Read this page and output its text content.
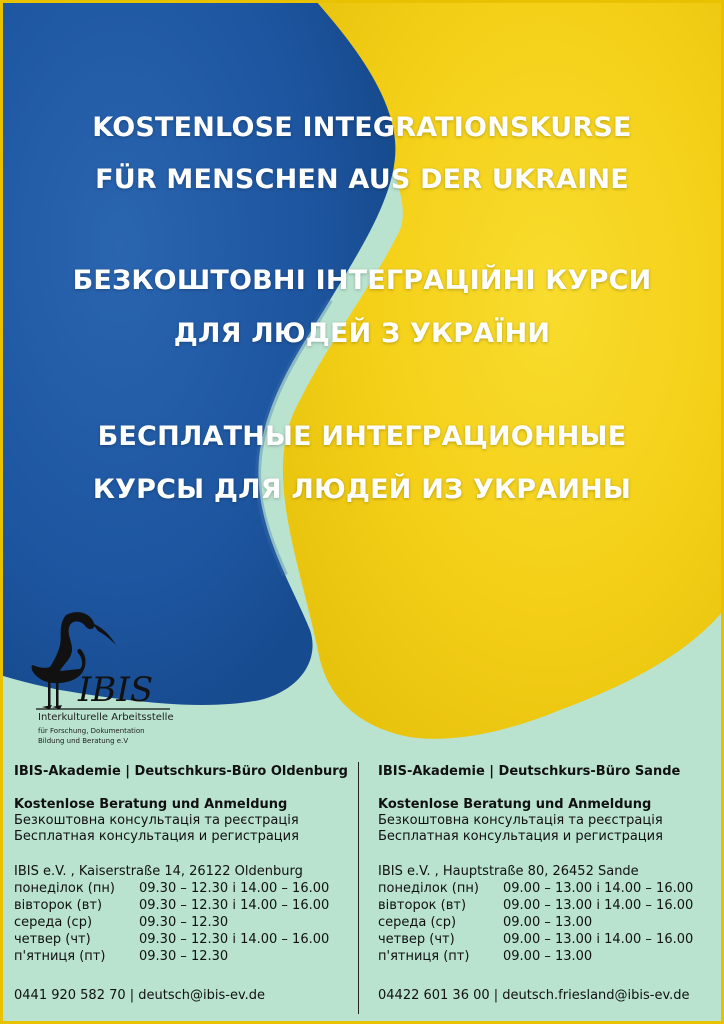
KOSTENLOSE INTEGRATIONSKURSE
FÜR MENSCHEN AUS DER UKRAINE
БЕЗКОШТОВНІ ІНТЕГРАЦІЙНІ КУРСИ
ДЛЯ ЛЮДЕЙ З УКРАЇНИ
БЕСПЛАТНЫЕ ИНТЕГРАЦИОННЫЕ
КУРСЫ ДЛЯ ЛЮДЕЙ ИЗ УКРАИНЫ
IBIS
Interkulturelle Arbeitsstelle
für Forschung, Dokumentation
Bildung und Beratung e.V
IBIS-Akademie | Deutschkurs-Büro Oldenburg
Kostenlose Beratung und Anmeldung
Безкоштовна консультація та реєстрація
Бесплатная консультация и регистрация
IBIS e.V. , Kaiserstraße 14, 26122 Oldenburg
понеділок (пн) 09.30 – 12.30 і 14.00 – 16.00
вівторок (вт)	09.30 – 12.30 і 14.00 – 16.00
середа (ср)	09.30 – 12.30
четвер (чт)	09.30 – 12.30 і 14.00 – 16.00
п'ятниця (пт)	09.30 – 12.30
0441 920 582 70 | deutsch@ibis-ev.de
IBIS-Akademie | Deutschkurs-Büro Sande
Kostenlose Beratung und Anmeldung
Безкоштовна консультація та реєстрація
Бесплатная консультация и регистрация
IBIS e.V. , Hauptstraße 80, 26452 Sande
понеділок (пн) 09.00 – 13.00 і 14.00 – 16.00
вівторок (вт)	09.00 – 13.00 і 14.00 – 16.00
середа (ср)	09.00 – 13.00
четвер (чт)	09.00 – 13.00 і 14.00 – 16.00
п'ятниця (пт)	09.00 – 13.00
04422 601 36 00 | deutsch.friesland@ibis-ev.de
